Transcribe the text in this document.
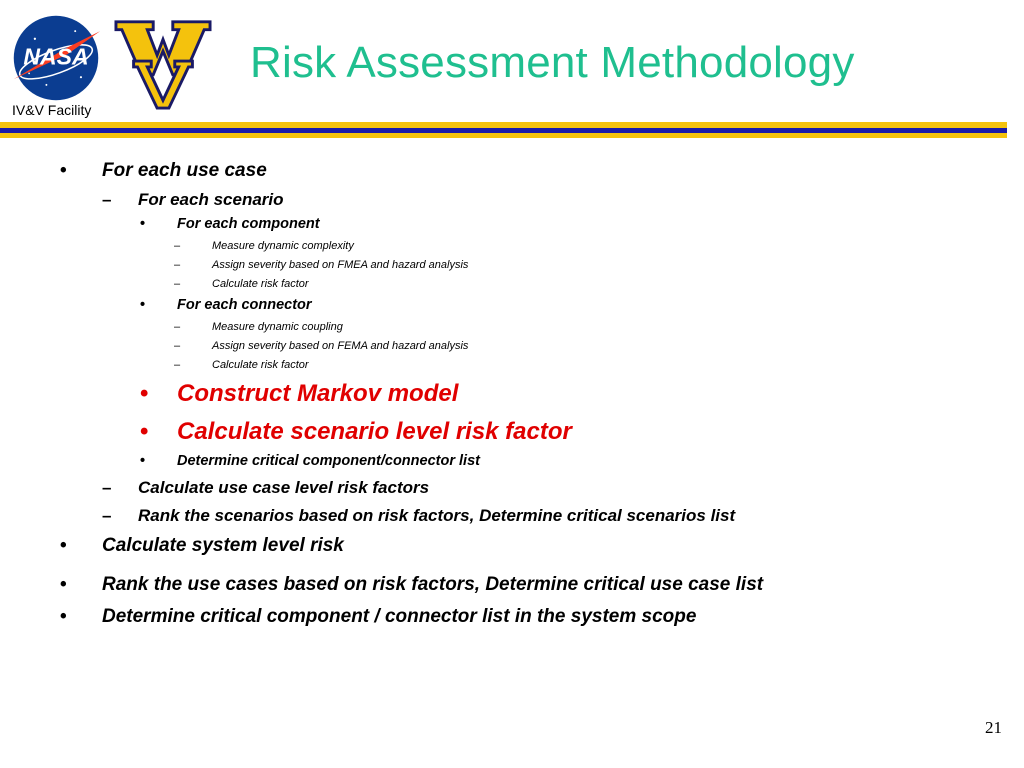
NASA
IV&V Facility
Risk Assessment Methodology
• For each use case
– For each scenario
• For each component
–	Measure dynamic complexity
–	Assign severity based on FMEA and hazard analysis
–	Calculate risk factor
• For each connector
–	Measure dynamic coupling
–	Assign severity based on FEMA and hazard analysis
–	Calculate risk factor
• Construct Markov model
• Calculate scenario level risk factor
• Determine critical component/connector list
– Calculate use case level risk factors
– Rank the scenarios based on risk factors, Determine critical scenarios list
• Calculate system level risk
• Rank the use cases based on risk factors, Determine critical use case list
• Determine critical component / connector list in the system scope
21
